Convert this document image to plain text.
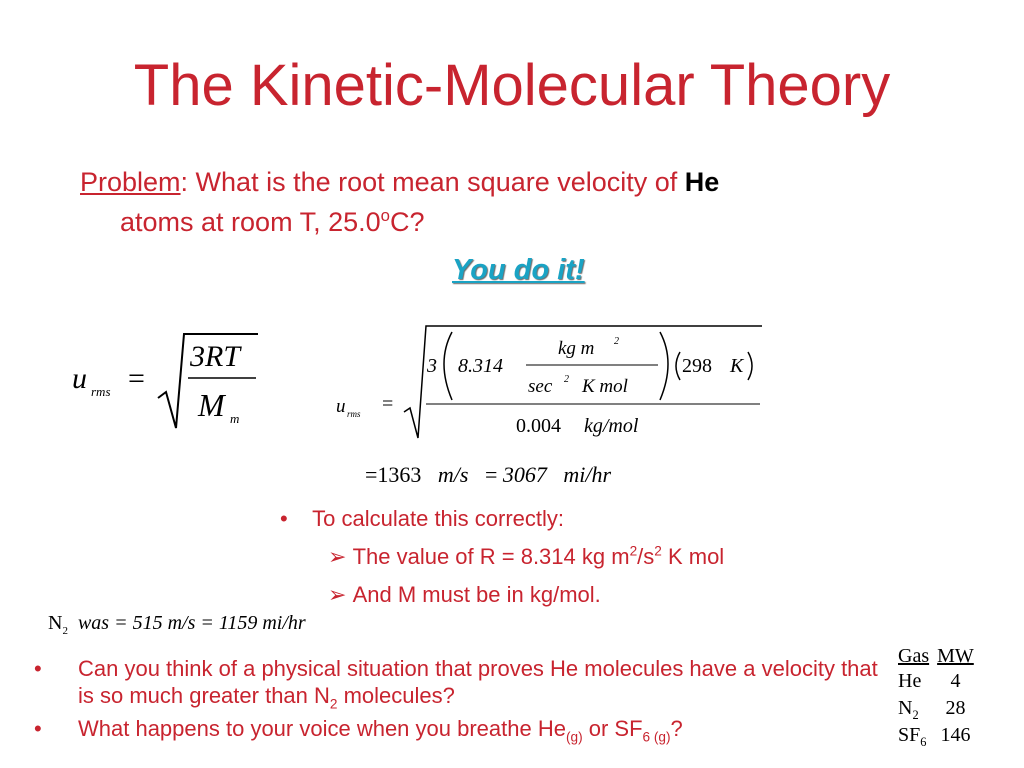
The Kinetic-Molecular Theory
Problem: What is the root mean square velocity of He
atoms at room T, 25.0$^o$C?
You do it!
u rms =
3RT
M m
u rms =
3 8.314
kg m 2
sec 2 K mol
298 K
0.004 kg/mol
=1363 m/s = 3067 mi/hr
• To calculate this correctly:
➢ The value of R = 8.314 kg $m^2/s^2$ K mol
➢ And M must be in kg/mol.
$N_2$ was = 515 m/s = 1159 mi/hr
• Can you think of a physical situation that proves He molecules have a velocity that is so much greater than $N_2$ molecules?
• What happens to your voice when you breathe $He_{(g)}$ or $SF_{6 (g)}$?
Gas	MW
He	4
$N_2$	28
$SF_6$	146
